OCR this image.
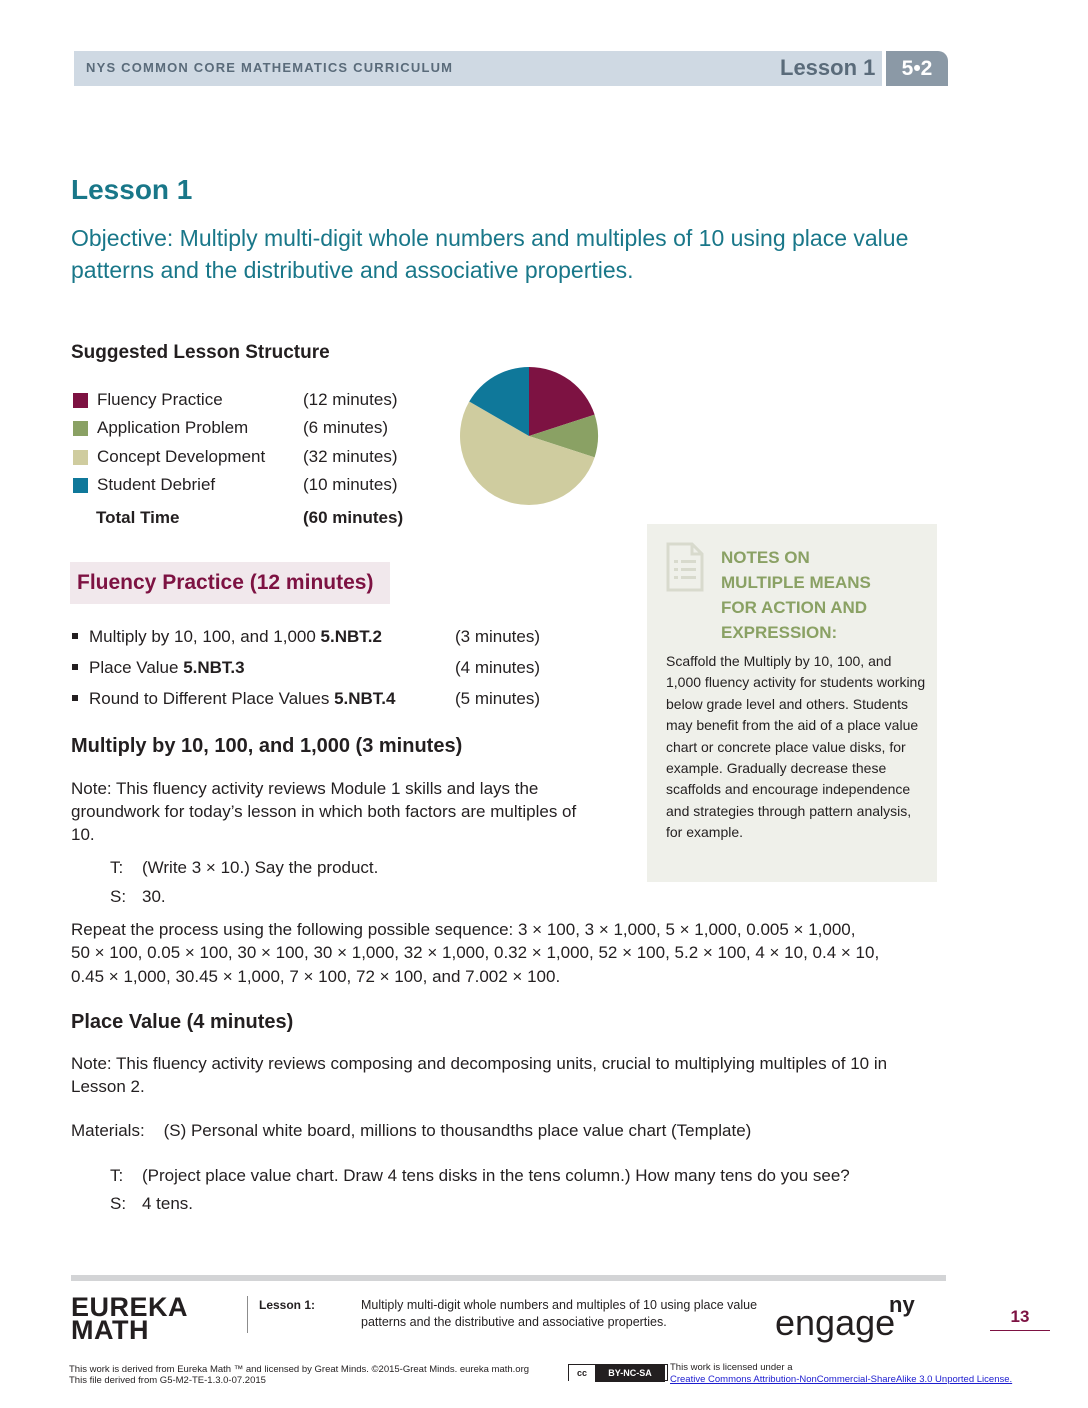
NYS COMMON CORE MATHEMATICS CURRICULUM	Lesson 1	5•2
Lesson 1
Objective: Multiply multi-digit whole numbers and multiples of 10 using place value patterns and the distributive and associative properties.
Suggested Lesson Structure
Fluency Practice	(12 minutes)
Application Problem	(6 minutes)
Concept Development (32 minutes)
Student Debrief	(10 minutes)
Total Time	(60 minutes)
Fluency Practice (12 minutes)
Multiply by 10, 100, and 1,000 5.NBT.2	(3 minutes)
Place Value 5.NBT.3	(4 minutes)
Round to Different Place Values 5.NBT.4	(5 minutes)
Multiply by 10, 100, and 1,000 (3 minutes)
Note: This fluency activity reviews Module 1 skills and lays the groundwork for today’s lesson in which both factors are multiples of 10.
T: (Write 3 × 10.) Say the product.
S: 30.
Repeat the process using the following possible sequence: 3 × 100, 3 × 1,000, 5 × 1,000, 0.005 × 1,000,
50 × 100, 0.05 × 100, 30 × 100, 30 × 1,000, 32 × 1,000, 0.32 × 1,000, 52 × 100, 5.2 × 100, 4 × 10, 0.4 × 10,
0.45 × 1,000, 30.45 × 1,000, 7 × 100, 72 × 100, and 7.002 × 100.
Place Value (4 minutes)
Note: This fluency activity reviews composing and decomposing units, crucial to multiplying multiples of 10 in
Lesson 2.
Materials:    (S) Personal white board, millions to thousandths place value chart (Template)
T: (Project place value chart. Draw 4 tens disks in the tens column.) How many tens do you see?
S: 4 tens.
NOTES ON
MULTIPLE MEANS
FOR ACTION AND
EXPRESSION:
Scaffold the Multiply by 10, 100, and 1,000 fluency activity for students working below grade level and others. Students may benefit from the aid of a place value chart or concrete place value disks, for example. Gradually decrease these scaffolds and encourage independence and strategies through pattern analysis, for example.
EUREKA
MATH
Lesson 1:	Multiply multi-digit whole numbers and multiples of 10 using place value patterns and the distributive and associative properties.	engage
ny	13
This work is derived from Eureka Math ™ and licensed by Great Minds. ©2015-Great Minds. eureka math.org
This file derived from G5-M2-TE-1.3.0-07.2015
cc BY-NC-SA	This work is licensed under a
Creative Commons Attribution-NonCommercial-ShareAlike 3.0 Unported License.
